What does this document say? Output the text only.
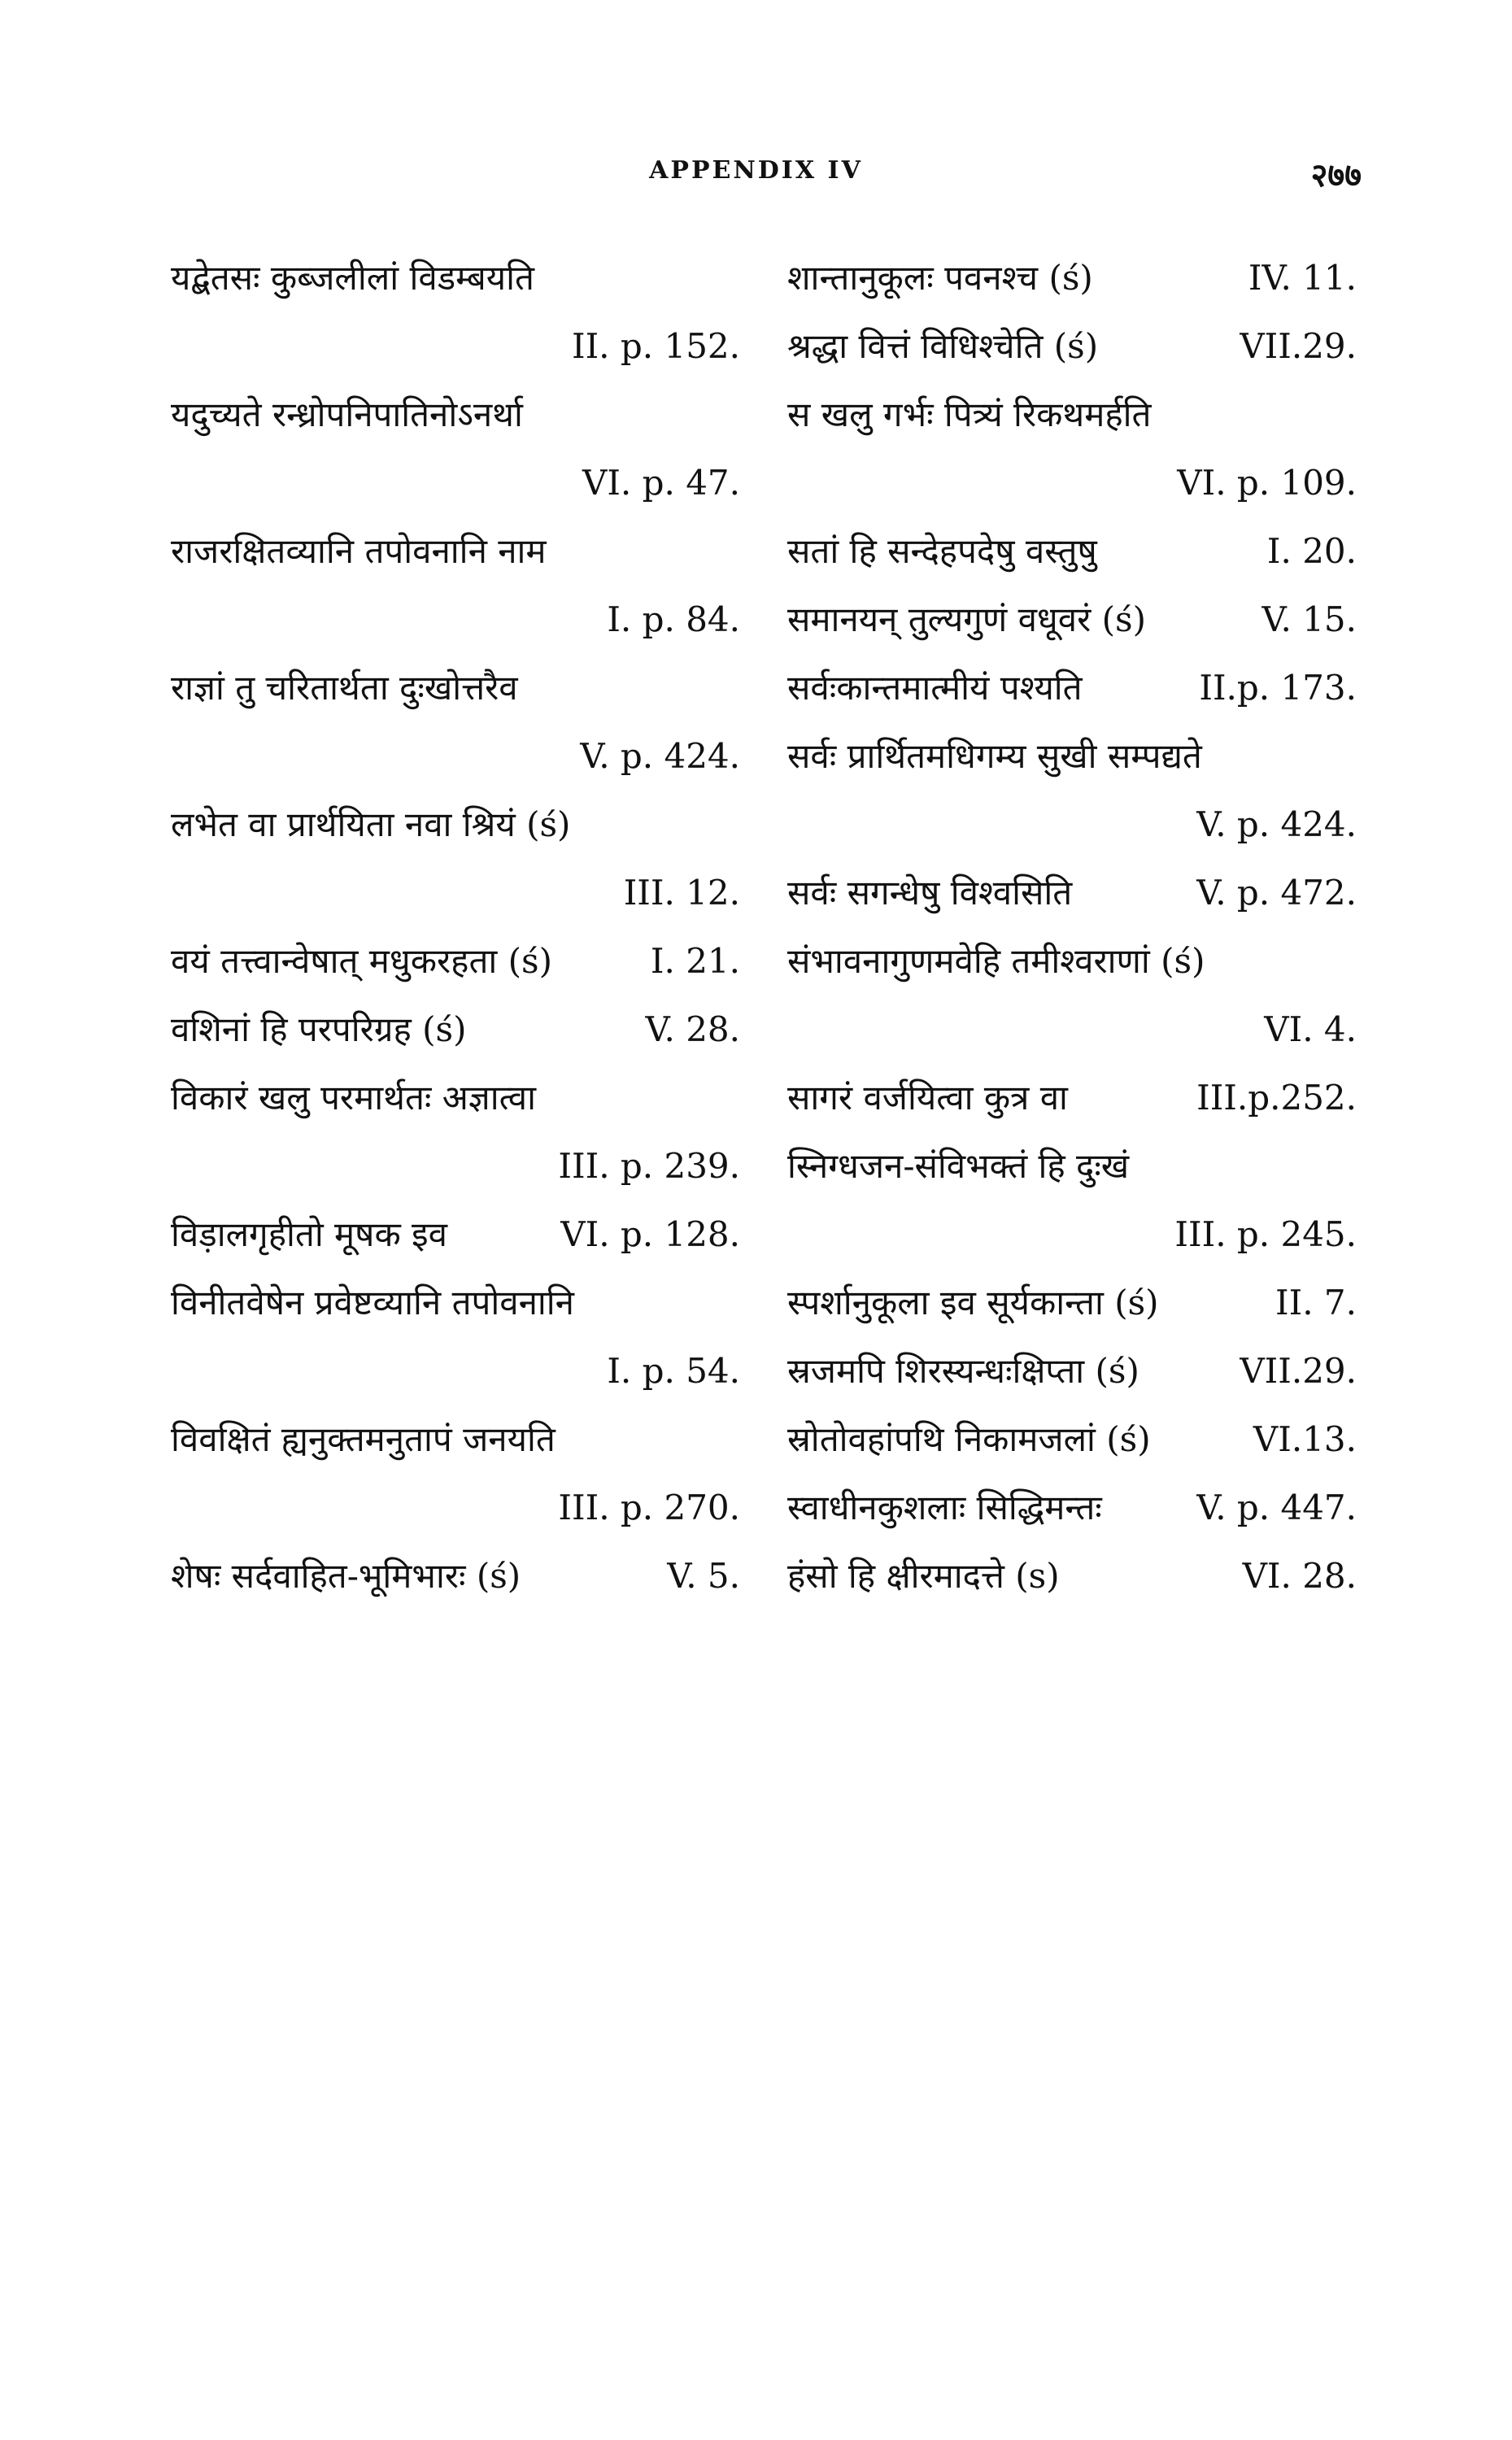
APPENDIX IV	२७७
यद्बेतसः कुब्जलीलां विडम्बयति
II. p. 152.
यदुच्यते रन्ध्रोपनिपातिनोऽनर्था
VI. p. 47.
राजरक्षितव्यानि तपोवनानि नाम
I. p. 84.
राज्ञां तु चरितार्थता दुःखोत्तरैव
V. p. 424.
लभेत वा प्रार्थयिता नवा श्रियं (ś)
III. 12.
वयं तत्त्वान्वेषात् मधुकरहता (ś)	I. 21.
वशिनां हि परपरिग्रह (ś)	V. 28.
विकारं खलु परमार्थतः अज्ञात्वा
III. p. 239.
विड़ालगृहीतो मूषक इव	VI. p. 128.
विनीतवेषेन प्रवेष्टव्यानि तपोवनानि
I. p. 54.
विवक्षितं ह्यनुक्तमनुतापं जनयति
III. p. 270.
शेषः सर्दवाहित-भूमिभारः (ś)	V. 5.
शान्तानुकूलः पवनश्च (ś)	IV. 11.
श्रद्धा वित्तं विधिश्चेति (ś)	VII.29.
स खलु गर्भः पित्र्यं रिकथमर्हति
VI. p. 109.
सतां हि सन्देहपदेषु वस्तुषु	I. 20.
समानयन् तुल्यगुणं वधूवरं (ś)	V. 15.
सर्वःकान्तमात्मीयं पश्यति	II.p. 173.
सर्वः प्रार्थितमधिगम्य सुखी सम्पद्यते
V. p. 424.
सर्वः सगन्धेषु विश्वसिति	V. p. 472.
संभावनागुणमवेहि तमीश्वराणां (ś)
VI. 4.
सागरं वर्जयित्वा कुत्र वा	III.p.252.
स्निग्धजन-संविभक्तं हि दुःखं
III. p. 245.
स्पर्शानुकूला इव सूर्यकान्ता (ś)	II. 7.
स्रजमपि शिरस्यन्धःक्षिप्ता (ś)	VII.29.
स्रोतोवहांपथि निकामजलां (ś)	VI.13.
स्वाधीनकुशलाः सिद्धिमन्तः	V. p. 447.
हंसो हि क्षीरमादत्ते (s)	VI. 28.
